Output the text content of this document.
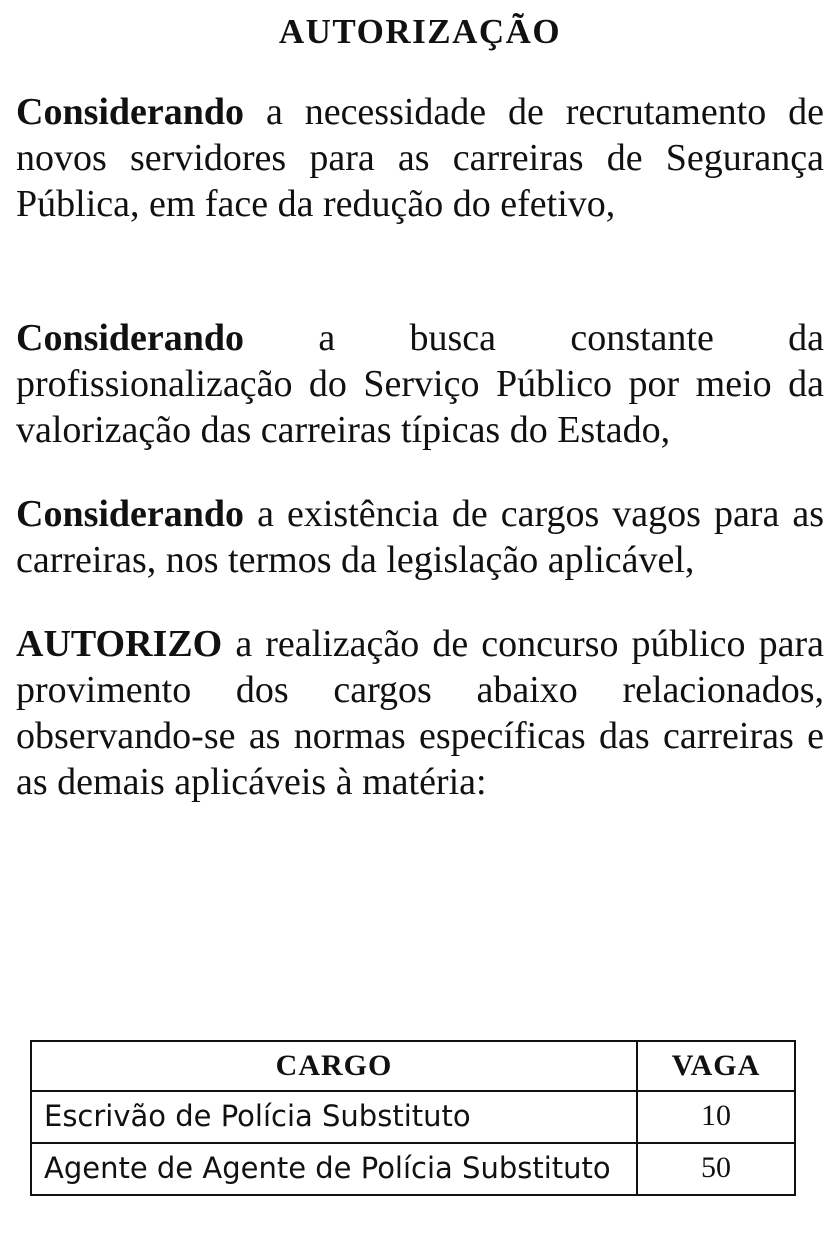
AUTORIZAÇÃO

Considerando a necessidade de recrutamento de novos servidores para as carreiras de Segurança Pública, em face da redução do efetivo,

Considerando a busca constante da profissionalização do Serviço Público por meio da valorização das carreiras típicas do Estado,

Considerando a existência de cargos vagos para as carreiras, nos termos da legislação aplicável,

AUTORIZO a realização de concurso público para provimento dos cargos abaixo relacionados, observando-se as normas específicas das carreiras e as demais aplicáveis à matéria:

CARGO	VAGA
Escrivão de Polícia Substituto	10
Agente de Agente de Polícia Substituto	50
